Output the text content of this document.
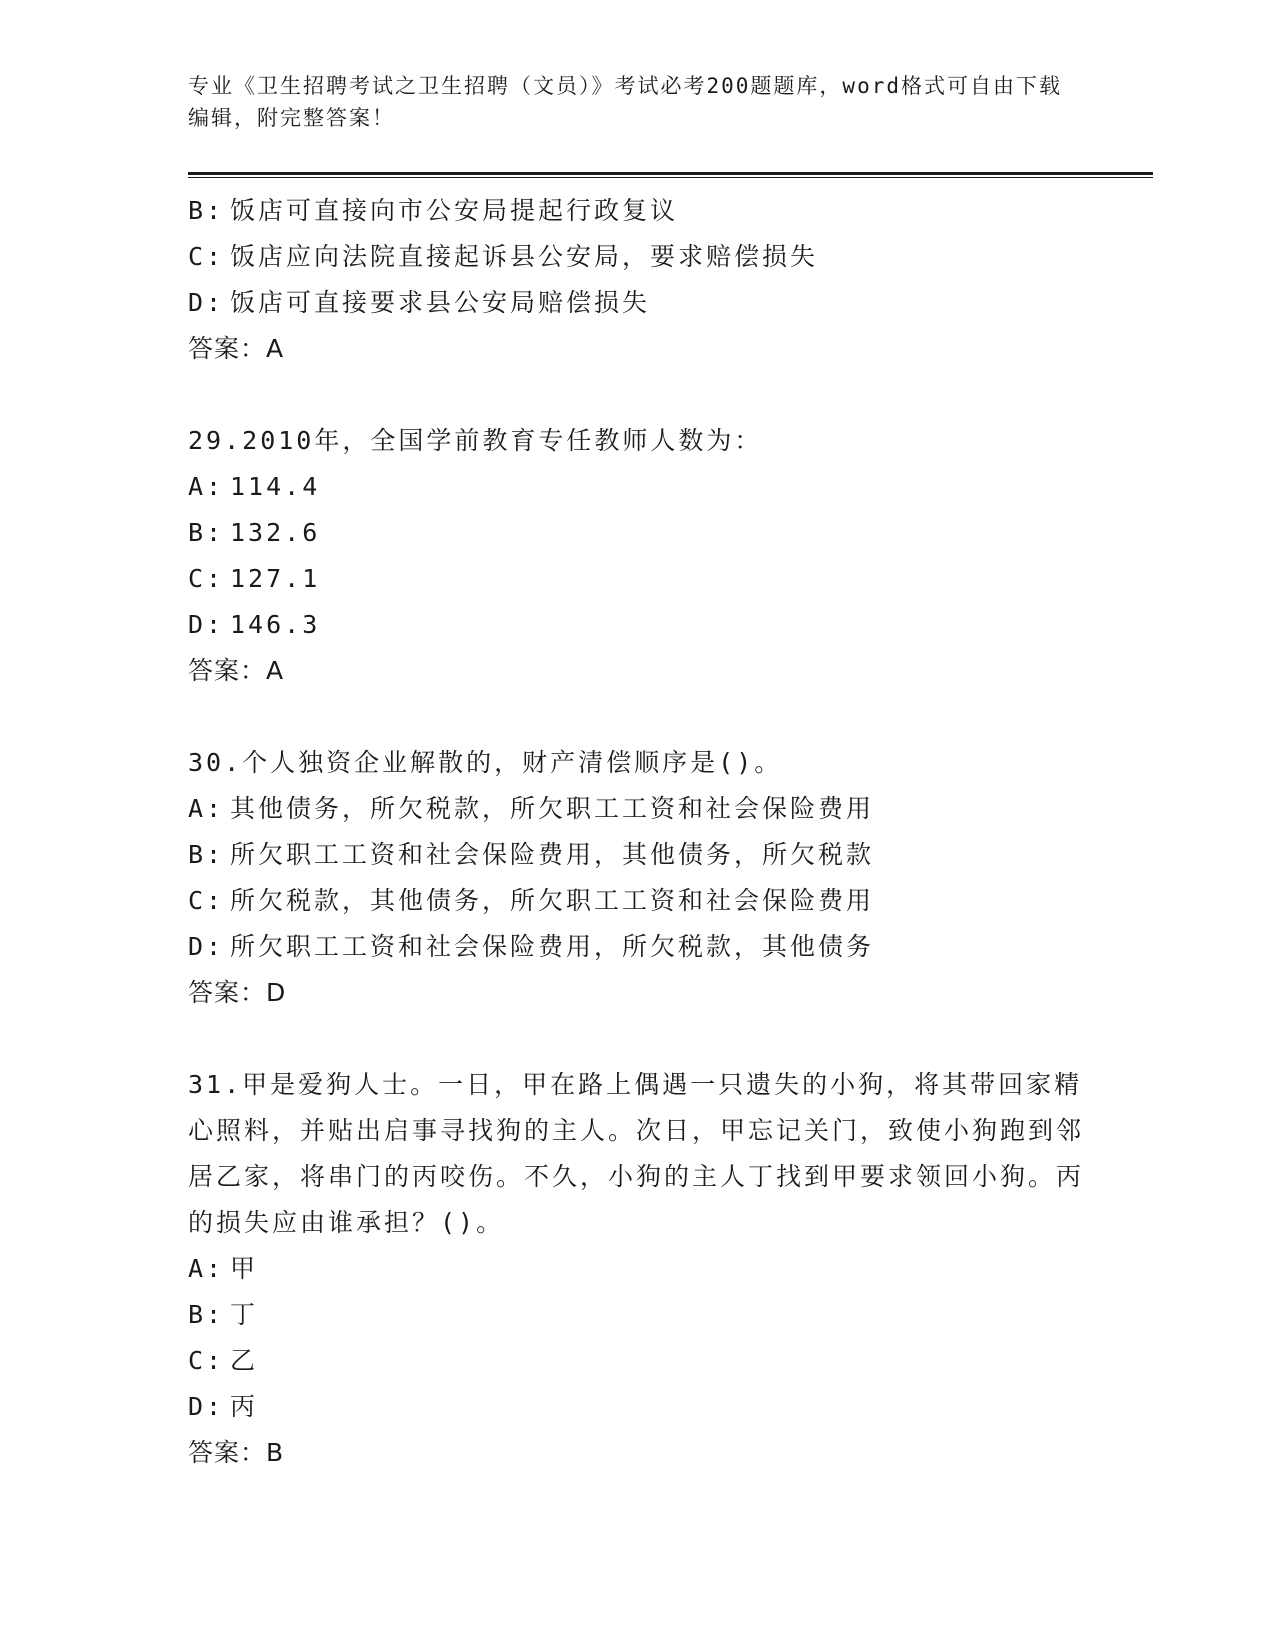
专业《卫生招聘考试之卫生招聘（文员）》考试必考200题题库，word格式可自由下载编辑，附完整答案！

B: 饭店可直接向市公安局提起行政复议

C: 饭店应向法院直接起诉县公安局，要求赔偿损失

D: 饭店可直接要求县公安局赔偿损失

答案：A

29.2010年，全国学前教育专任教师人数为：

A: 114.4

B: 132.6

C: 127.1

D: 146.3

答案：A

30.个人独资企业解散的，财产清偿顺序是()。

A: 其他债务，所欠税款，所欠职工工资和社会保险费用

B: 所欠职工工资和社会保险费用，其他债务，所欠税款

C: 所欠税款，其他债务，所欠职工工资和社会保险费用

D: 所欠职工工资和社会保险费用，所欠税款，其他债务

答案：D

31.甲是爱狗人士。一日，甲在路上偶遇一只遗失的小狗，将其带回家精心照料，并贴出启事寻找狗的主人。次日，甲忘记关门，致使小狗跑到邻居乙家，将串门的丙咬伤。不久，小狗的主人丁找到甲要求领回小狗。丙的损失应由谁承担？()。

A: 甲

B: 丁

C: 乙

D: 丙

答案：B
